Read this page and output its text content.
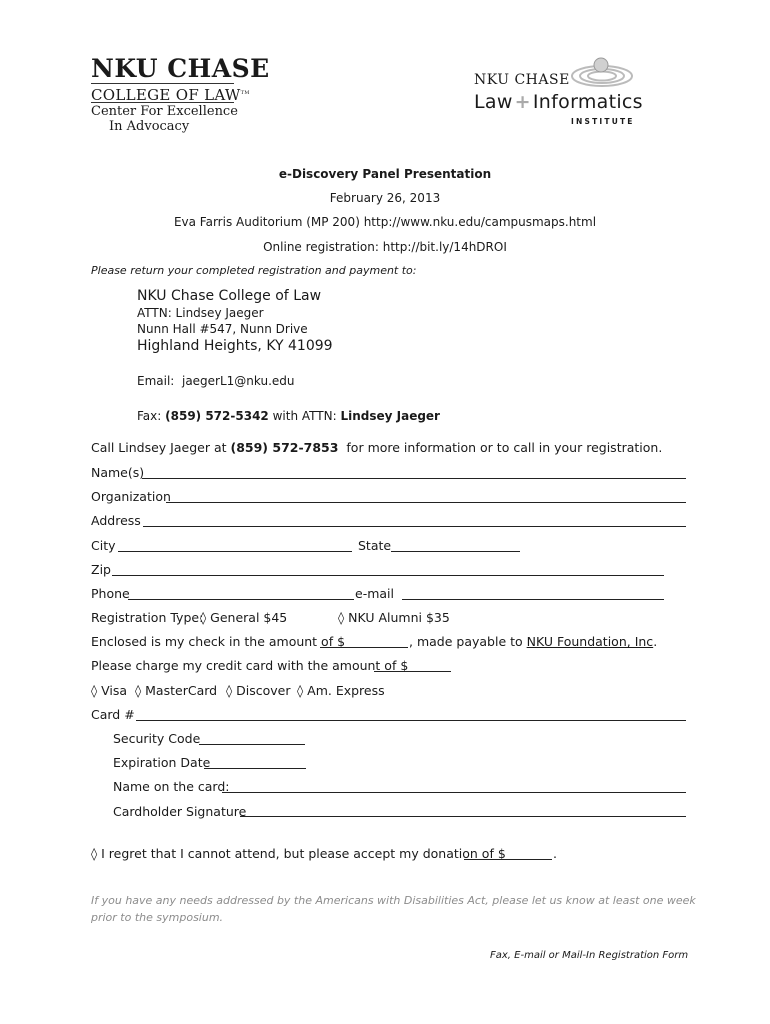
NKU CHASE
COLLEGE OF LAW™
Center For Excellence
In Advocacy
NKU CHASE
Law + Informatics
INSTITUTE
e-Discovery Panel Presentation
February 26, 2013
Eva Farris Auditorium (MP 200) http://www.nku.edu/campusmaps.html
Online registration: http://bit.ly/14hDROI
Please return your completed registration and payment to:
NKU Chase College of Law
ATTN: Lindsey Jaeger
Nunn Hall #547, Nunn Drive
Highland Heights, KY 41099
Email: jaegerL1@nku.edu
Fax: (859) 572-5342 with ATTN: Lindsey Jaeger
Call Lindsey Jaeger at (859) 572-7853 for more information or to call in your registration.
Name(s)
Organization
Address
City	State
Zip
Phone	e-mail
Registration Type:
◊ General $45	◊ NKU Alumni $35
Enclosed is my check in the amount of $	, made payable to NKU Foundation, Inc.
Please charge my credit card with the amount of $
◊ Visa ◊ MasterCard ◊ Discover ◊ Am. Express
Card #
Security Code
Expiration Date
Name on the card:
Cardholder Signature
◊ I regret that I cannot attend, but please accept my donation of $	.
If you have any needs addressed by the Americans with Disabilities Act, please let us know at least one week
prior to the symposium.
Fax, E-mail or Mail-In Registration Form
